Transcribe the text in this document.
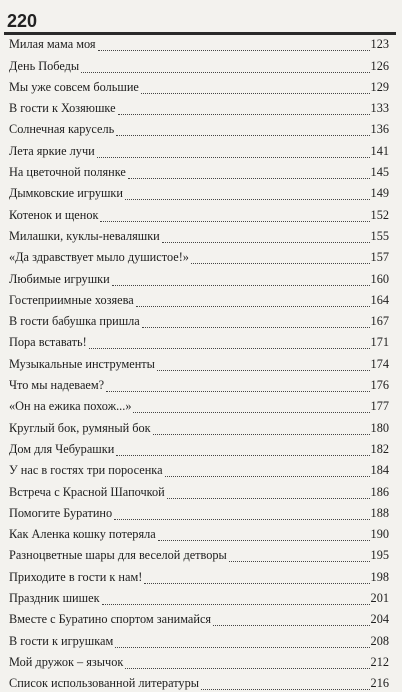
220
Милая мама моя	123
День Победы	126
Мы уже совсем большие	129
В гости к Хозяюшке	133
Солнечная карусель	136
Лета яркие лучи	141
На цветочной полянке	145
Дымковские игрушки	149
Котенок и щенок	152
Милашки, куклы-неваляшки	155
«Да здравствует мыло душистое!»	157
Любимые игрушки	160
Гостеприимные хозяева	164
В гости бабушка пришла	167
Пора вставать!	171
Музыкальные инструменты	174
Что мы надеваем?	176
«Он на ежика похож...»	177
Круглый бок, румяный бок	180
Дом для Чебурашки	182
У нас в гостях три поросенка	184
Встреча с Красной Шапочкой	186
Помогите Буратино	188
Как Аленка кошку потеряла	190
Разноцветные шары для веселой детворы	195
Приходите в гости к нам!	198
Праздник шишек	201
Вместе с Буратино спортом занимайся	204
В гости к игрушкам	208
Мой дружок – язычок	212
Список использованной литературы	216
